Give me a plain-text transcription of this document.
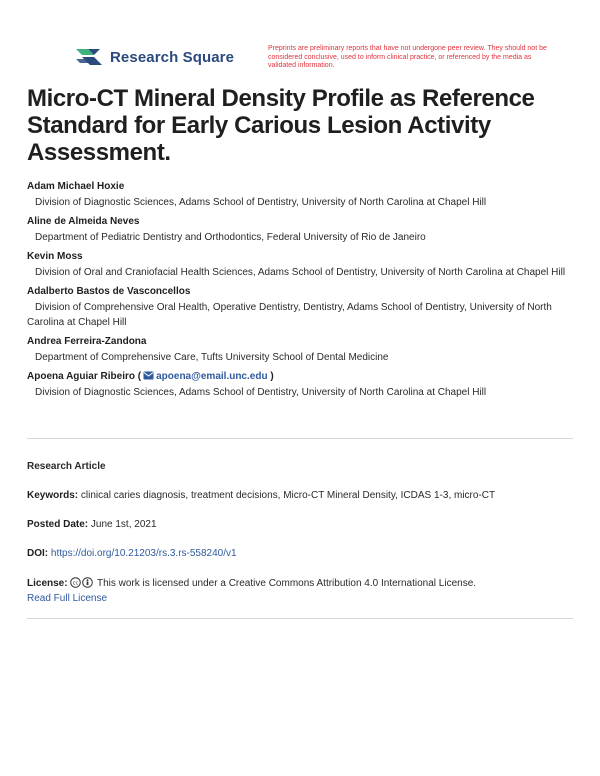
Research Square	Preprints are preliminary reports that have not undergone peer review. They should not be considered conclusive, used to inform clinical practice, or referenced by the media as validated information.
Micro-CT Mineral Density Profile as Reference Standard for Early Carious Lesion Activity Assessment.
Adam Michael Hoxie
Division of Diagnostic Sciences, Adams School of Dentistry, University of North Carolina at Chapel Hill
Aline de Almeida Neves
Department of Pediatric Dentistry and Orthodontics, Federal University of Rio de Janeiro
Kevin Moss
Division of Oral and Craniofacial Health Sciences, Adams School of Dentistry, University of North Carolina at Chapel Hill
Adalberto Bastos de Vasconcellos
Division of Comprehensive Oral Health, Operative Dentistry, Dentistry, Adams School of Dentistry, University of North Carolina at Chapel Hill
Andrea Ferreira-Zandona
Department of Comprehensive Care, Tufts University School of Dental Medicine
Apoena Aguiar Ribeiro ( apoena@email.unc.edu )
Division of Diagnostic Sciences, Adams School of Dentistry, University of North Carolina at Chapel Hill
Research Article
Keywords: clinical caries diagnosis, treatment decisions, Micro-CT Mineral Density, ICDAS 1-3, micro-CT
Posted Date: June 1st, 2021
DOI: https://doi.org/10.21203/rs.3.rs-558240/v1
License: cc This work is licensed under a Creative Commons Attribution 4.0 International License.
Read Full License
